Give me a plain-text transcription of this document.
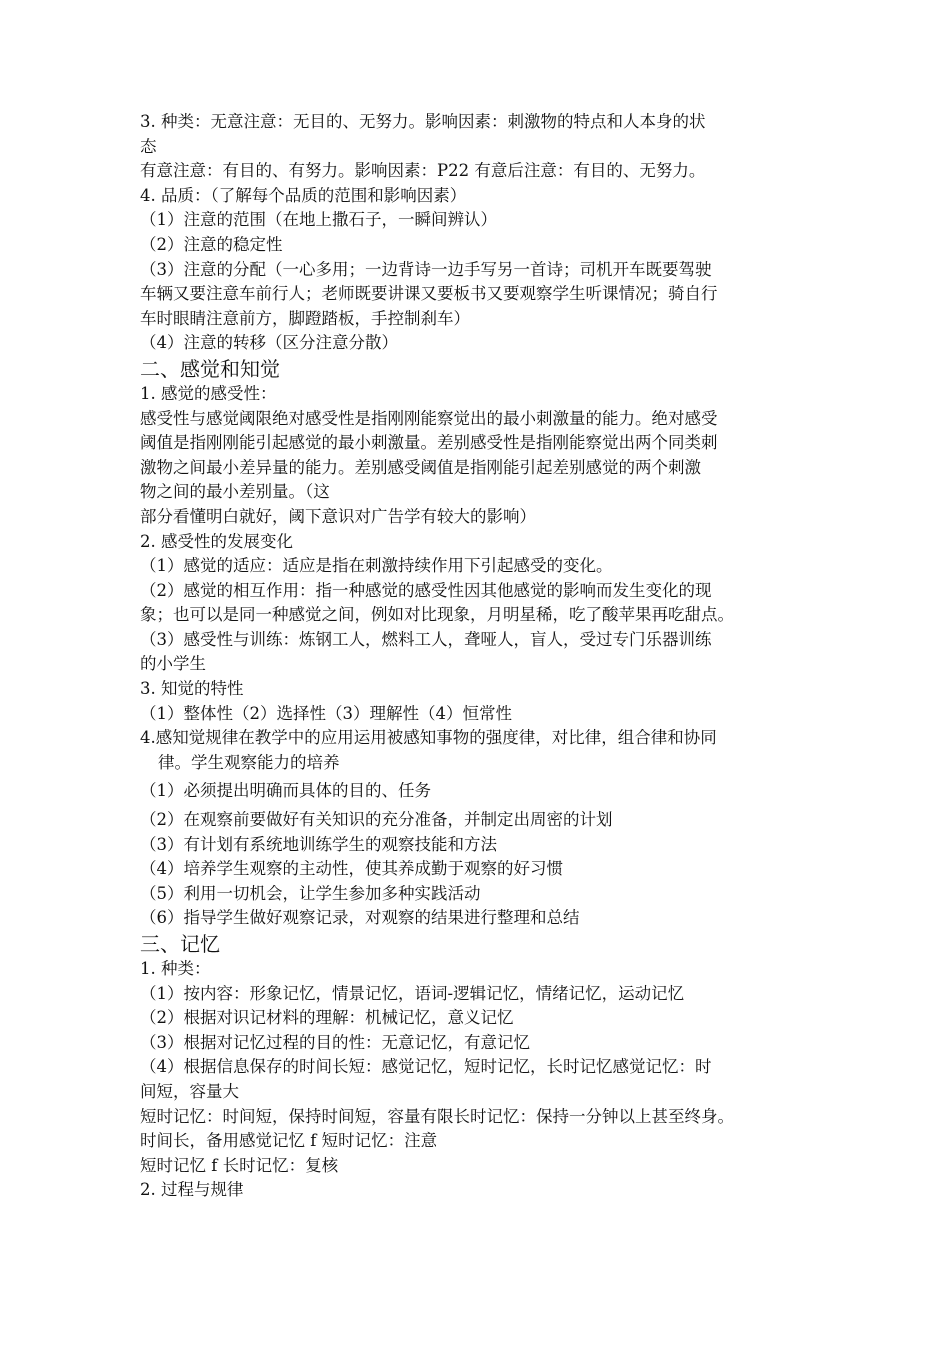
3. 种类：无意注意：无目的、无努力。影响因素：刺激物的特点和人本身的状

态

有意注意：有目的、有努力。影响因素：P22 有意后注意：有目的、无努力。

4. 品质：（了解每个品质的范围和影响因素）

（1）注意的范围（在地上撒石子，一瞬间辨认）

（2）注意的稳定性

（3）注意的分配（一心多用；一边背诗一边手写另一首诗；司机开车既要驾驶

车辆又要注意车前行人；老师既要讲课又要板书又要观察学生听课情况；骑自行

车时眼睛注意前方，脚蹬踏板，手控制刹车）

（4）注意的转移（区分注意分散）

二、感觉和知觉

1. 感觉的感受性：

感受性与感觉阈限绝对感受性是指刚刚能察觉出的最小刺激量的能力。绝对感受

阈值是指刚刚能引起感觉的最小刺激量。差别感受性是指刚能察觉出两个同类刺

激物之间最小差异量的能力。差别感受阈值是指刚能引起差别感觉的两个刺激

物之间的最小差别量。（这

部分看懂明白就好，阈下意识对广告学有较大的影响）

2. 感受性的发展变化

（1）感觉的适应：适应是指在刺激持续作用下引起感受的变化。

（2）感觉的相互作用：指一种感觉的感受性因其他感觉的影响而发生变化的现

象；也可以是同一种感觉之间，例如对比现象，月明星稀，吃了酸苹果再吃甜点。

（3）感受性与训练：炼钢工人，燃料工人，聋哑人，盲人，受过专门乐器训练

的小学生

3. 知觉的特性

（1）整体性（2）选择性（3）理解性（4）恒常性

4.感知觉规律在教学中的应用运用被感知事物的强度律，对比律，组合律和协同

律。学生观察能力的培养

（1）必须提出明确而具体的目的、任务

（2）在观察前要做好有关知识的充分准备，并制定出周密的计划

（3）有计划有系统地训练学生的观察技能和方法

（4）培养学生观察的主动性，使其养成勤于观察的好习惯

（5）利用一切机会，让学生参加多种实践活动

（6）指导学生做好观察记录，对观察的结果进行整理和总结

三、记忆

1. 种类：

（1）按内容：形象记忆，情景记忆，语词-逻辑记忆，情绪记忆，运动记忆

（2）根据对识记材料的理解：机械记忆，意义记忆

（3）根据对记忆过程的目的性：无意记忆，有意记忆

（4）根据信息保存的时间长短：感觉记忆，短时记忆，长时记忆感觉记忆：时

间短，容量大

短时记忆：时间短，保持时间短，容量有限长时记忆：保持一分钟以上甚至终身。

时间长，备用感觉记忆 f 短时记忆：注意

短时记忆 f 长时记忆：复核

2. 过程与规律
